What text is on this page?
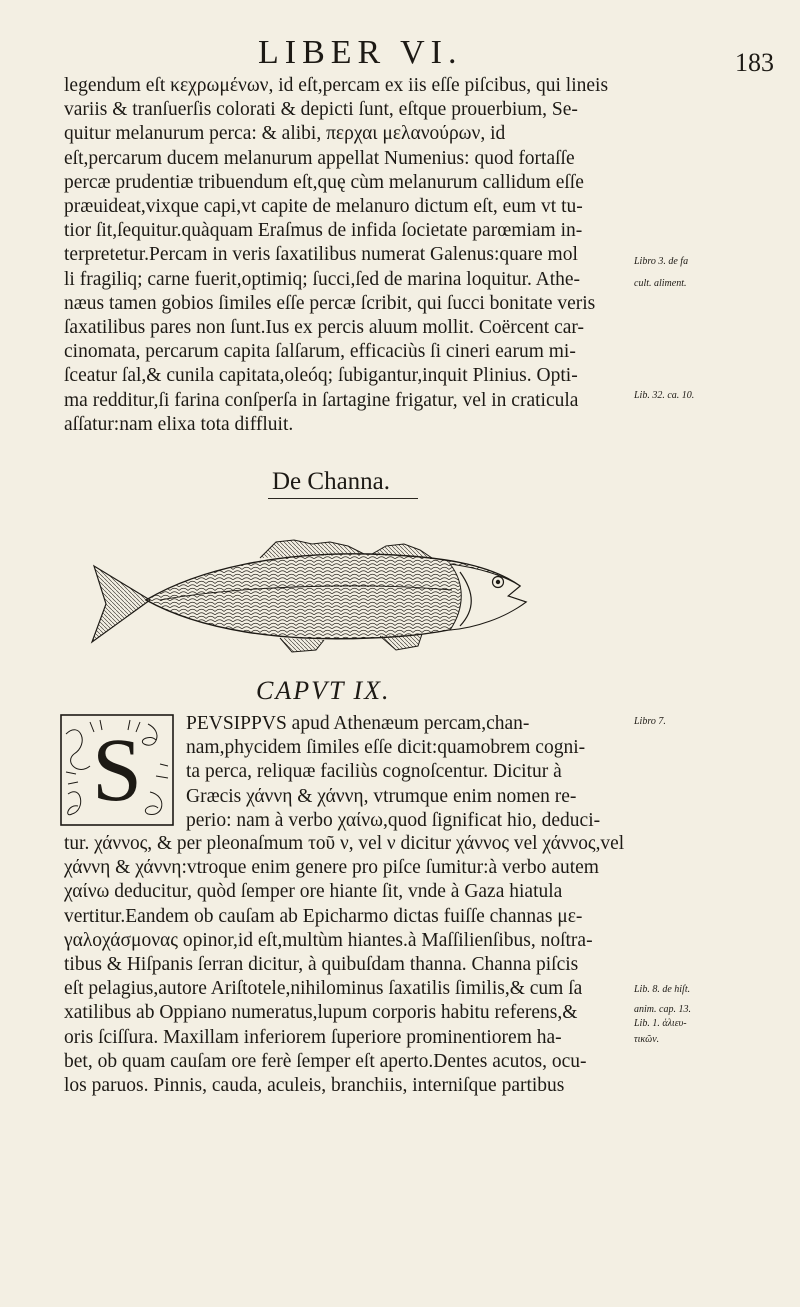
LIBER VI.	183
legendum eſt κεχρωμένων, id eſt,percam ex iis eſſe piſcibus, qui lineis
variis & tranſuerſis colorati & depicti ſunt, eſtque prouerbium, Se-
quitur melanurum perca: & alibi, περχαι μελανούρων, id
eſt,percarum ducem melanurum appellat Numenius: quod fortaſſe
percæ prudentiæ tribuendum eſt,quę cùm melanurum callidum eſſe
præuideat,vixque capi,vt capite de melanuro dictum eſt, eum vt tu-
tior ſit,ſequitur.quàquam Eraſmus de infida ſocietate parœmiam in-
terpretetur.Percam in veris ſaxatilibus numerat Galenus:quare mol
li fragiliq; carne fuerit,optimiq; ſucci,ſed de marina loquitur. Athe-
næus tamen gobios ſimiles eſſe percæ ſcribit, qui ſucci bonitate veris
ſaxatilibus pares non ſunt.Ius ex percis aluum mollit. Coërcent car-
cinomata, percarum capita ſalſarum, efficaciùs ſi cineri earum mi-
ſceatur ſal,& cunila capitata,oleóq; ſubigantur,inquit Plinius. Opti-
ma redditur,ſi farina conſperſa in ſartagine frigatur, vel in craticula
aſſatur:nam elixa tota diffluit.
Libro 3. de fa
cult. aliment.
Lib. 32. ca. 10.
De Channa.
CAPVT IX.
S PEVSIPPVS apud Athenæum percam,chan-
nam,phycidem ſimiles eſſe dicit:quamobrem cogni-
ta perca, reliquæ faciliùs cognoſcentur. Dicitur à
Græcis χάννη & χάννη, vtrumque enim nomen re-
perio: nam à verbo χαίνω,quod ſignificat hio, deduci-
tur. χάννος, & per pleonaſmum τοῦ ν, vel ν dicitur χάννος vel χάννος,vel
χάννη & χάννη:vtroque enim genere pro piſce ſumitur:à verbo autem
χαίνω deducitur, quòd ſemper ore hiante ſit, vnde à Gaza hiatula
vertitur.Eandem ob cauſam ab Epicharmo dictas fuiſſe channas με-
γαλοχάσμονας opinor,id eſt,multùm hiantes.à Maſſilienſibus, noſtra-
tibus & Hiſpanis ſerran dicitur, à quibuſdam thanna. Channa piſcis
eſt pelagius,autore Ariſtotele,nihilominus ſaxatilis ſimilis,& cum ſa
xatilibus ab Oppiano numeratus,lupum corporis habitu referens,&
oris ſciſſura. Maxillam inferiorem ſuperiore prominentiorem ha-
bet, ob quam cauſam ore ferè ſemper eſt aperto.Dentes acutos, ocu-
los paruos. Pinnis, cauda, aculeis, branchiis, interniſque partibus
Libro 7.
Lib. 8. de hiſt.
anim. cap. 13.
Lib. 1. ἁλιευ-
τικῶν.
